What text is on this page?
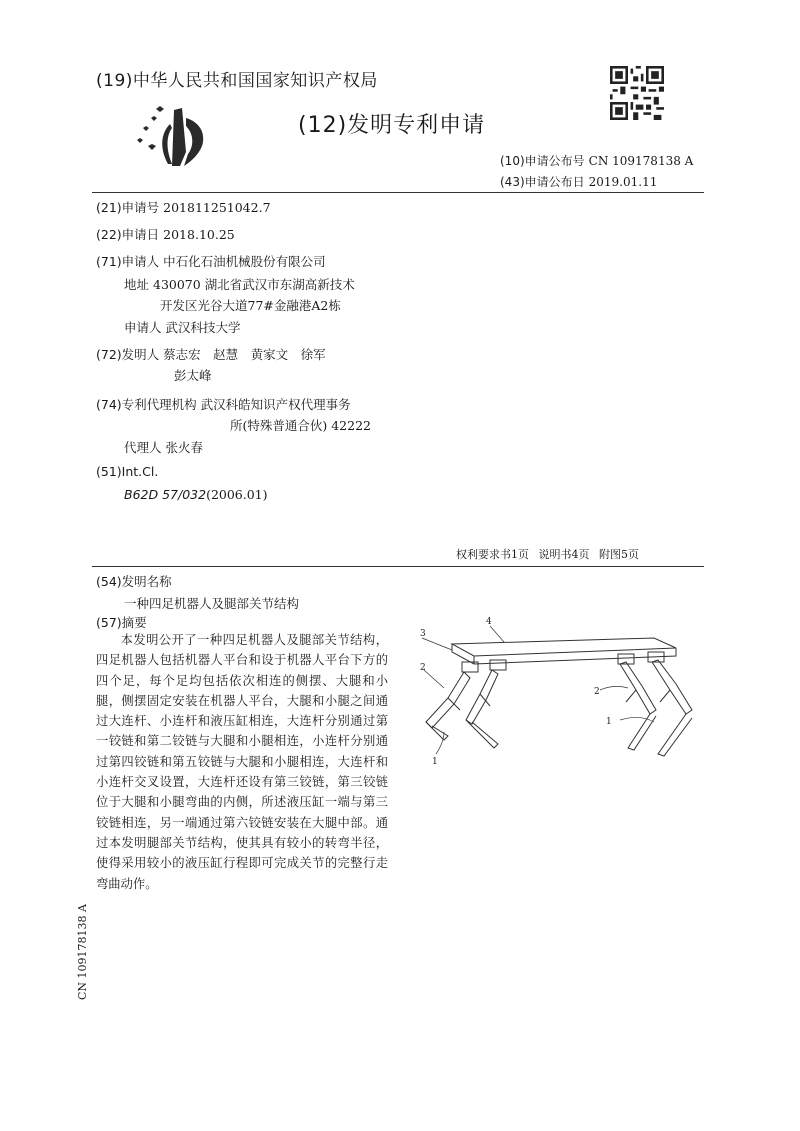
(19)中华人民共和国国家知识产权局
(12)发明专利申请
(10)申请公布号 CN 109178138 A
(43)申请公布日 2019.01.11
(21)申请号 201811251042.7
(22)申请日 2018.10.25
(71)申请人 中石化石油机械股份有限公司
地址 430070 湖北省武汉市东湖高新技术
开发区光谷大道77#金融港A2栋
申请人 武汉科技大学
(72)发明人 蔡志宏　赵慧　黄家文　徐军
彭太峰
(74)专利代理机构 武汉科皓知识产权代理事务
所(特殊普通合伙) 42222
代理人 张火春
(51)Int.Cl.
B62D 57/032(2006.01)
权利要求书1页 说明书4页 附图5页
(54)发明名称
一种四足机器人及腿部关节结构
(57)摘要
本发明公开了一种四足机器人及腿部关节结构，四足机器人包括机器人平台和设于机器人平台下方的四个足，每个足均包括依次相连的侧摆、大腿和小腿，侧摆固定安装在机器人平台，大腿和小腿之间通过大连杆、小连杆和液压缸相连，大连杆分别通过第一铰链和第二铰链与大腿和小腿相连，小连杆分别通过第四铰链和第五铰链与大腿和小腿相连，大连杆和小连杆交叉设置，大连杆还设有第三铰链，第三铰链位于大腿和小腿弯曲的内侧，所述液压缸一端与第三铰链相连，另一端通过第六铰链安装在大腿中部。通过本发明腿部关节结构，使其具有较小的转弯半径，使得采用较小的液压缸行程即可完成关节的完整行走弯曲动作。
4
3
2
2
1
1
CN 109178138 A
